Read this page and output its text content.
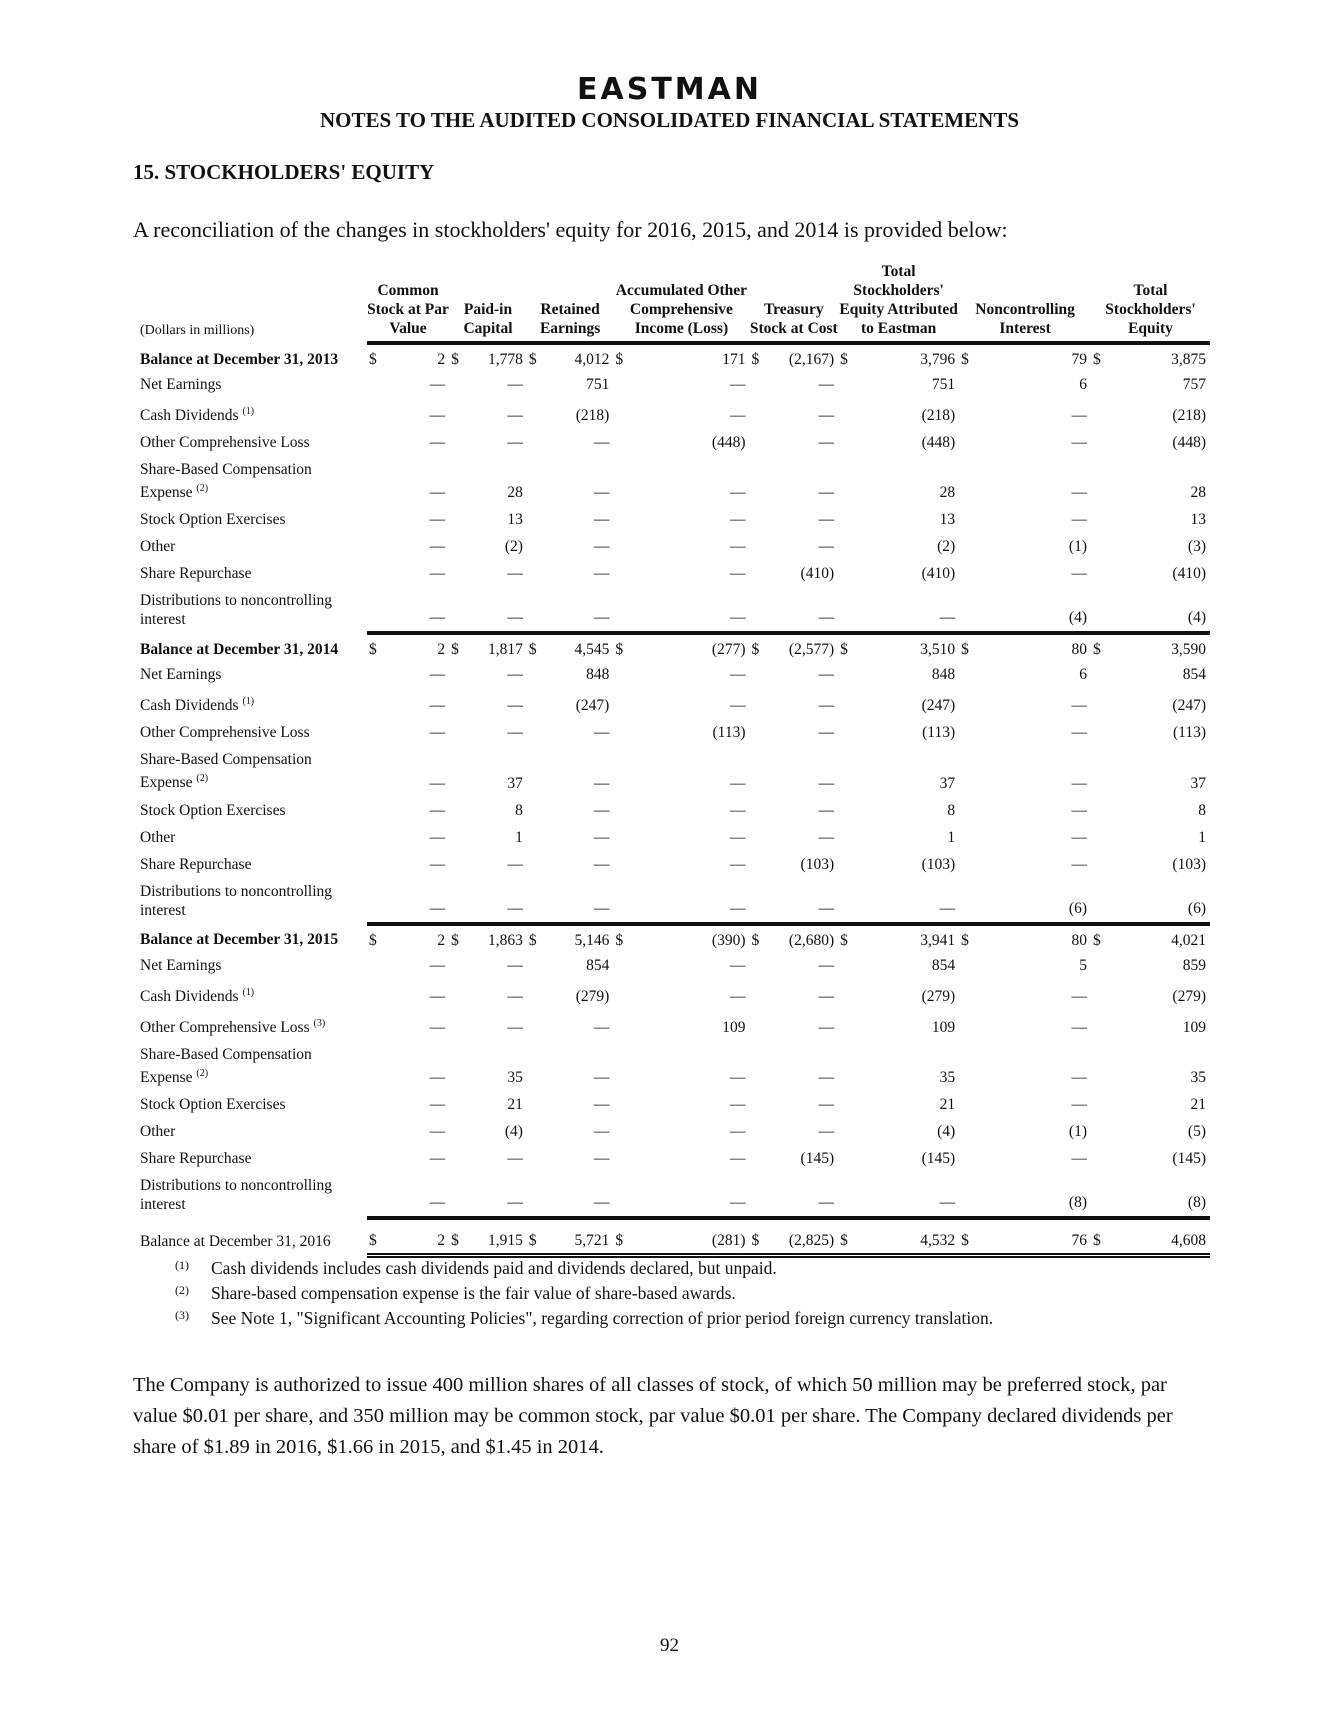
EASTMAN
NOTES TO THE AUDITED CONSOLIDATED FINANCIAL STATEMENTS
15. STOCKHOLDERS' EQUITY
A reconciliation of the changes in stockholders' equity for 2016, 2015, and 2014 is provided below:
(Dollars in millions)	Common Stock at Par Value		Paid-in Capital		Retained Earnings		Accumulated Other Comprehensive Income (Loss)		Treasury Stock at Cost		Total Stockholders' Equity Attributed to Eastman		Noncontrolling Interest		Total Stockholders' Equity	
Balance at December 31, 2013	$	2	$	1,778	$	4,012	$	171	$	(2,167)	$	3,796	$	79	$	3,875
Net Earnings		—		—		751		—		—		751		6		757
Cash Dividends $^{(1)}$		—		—		(218)		—		—		(218)		—		(218)
Other Comprehensive Loss		—		—		—		(448)		—		(448)		—		(448)
Share-Based Compensation Expense $^{(2)}$		—		28		—		—		—		28		—		28
Stock Option Exercises		—		13		—		—		—		13		—		13
Other		—		(2)		—		—		—		(2)		(1)		(3)
Share Repurchase		—		—		—		—		(410)		(410)		—		(410)
Distributions to noncontrolling interest		—		—		—		—		—		—		(4)		(4)
Balance at December 31, 2014	$	2	$	1,817	$	4,545	$	(277)	$	(2,577)	$	3,510	$	80	$	3,590
Net Earnings		—		—		848		—		—		848		6		854
Cash Dividends $^{(1)}$		—		—		(247)		—		—		(247)		—		(247)
Other Comprehensive Loss		—		—		—		(113)		—		(113)		—		(113)
Share-Based Compensation Expense $^{(2)}$		—		37		—		—		—		37		—		37
Stock Option Exercises		—		8		—		—		—		8		—		8
Other		—		1		—		—		—		1		—		1
Share Repurchase		—		—		—		—		(103)		(103)		—		(103)
Distributions to noncontrolling interest		—		—		—		—		—		—		(6)		(6)
Balance at December 31, 2015	$	2	$	1,863	$	5,146	$	(390)	$	(2,680)	$	3,941	$	80	$	4,021
Net Earnings		—		—		854		—		—		854		5		859
Cash Dividends $^{(1)}$		—		—		(279)		—		—		(279)		—		(279)
Other Comprehensive Loss $^{(3)}$		—		—		—		109		—		109		—		109
Share-Based Compensation Expense $^{(2)}$		—		35		—		—		—		35		—		35
Stock Option Exercises		—		21		—		—		—		21		—		21
Other		—		(4)		—		—		—		(4)		(1)		(5)
Share Repurchase		—		—		—		—		(145)		(145)		—		(145)
Distributions to noncontrolling interest		—		—		—		—		—		—		(8)		(8)
Balance at December 31, 2016	$	2	$	1,915	$	5,721	$	(281)	$	(2,825)	$	4,532	$	76	$	4,608
(1)	Cash dividends includes cash dividends paid and dividends declared, but unpaid.
(2)	Share-based compensation expense is the fair value of share-based awards.
(3)	See Note 1, "Significant Accounting Policies", regarding correction of prior period foreign currency translation.
The Company is authorized to issue 400 million shares of all classes of stock, of which 50 million may be preferred stock, par value $0.01 per share, and 350 million may be common stock, par value $0.01 per share. The Company declared dividends per share of $1.89 in 2016, $1.66 in 2015, and $1.45 in 2014.
92
